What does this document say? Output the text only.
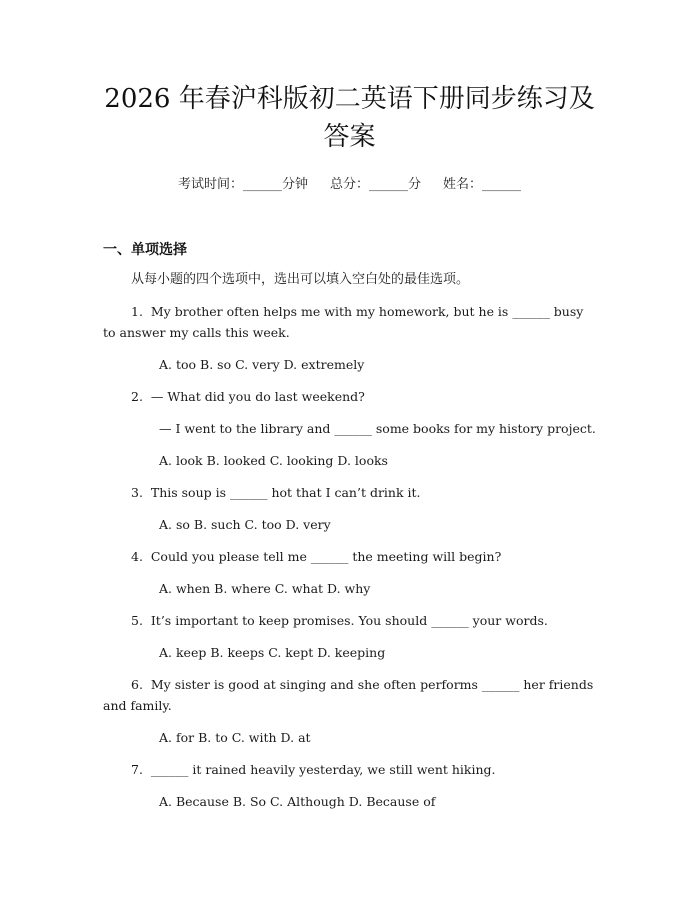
2026 年春沪科版初二英语下册同步练习及答案
考试时间：______分钟 总分：______分 姓名：______
一、单项选择
从每小题的四个选项中，选出可以填入空白处的最佳选项。

1.  My brother often helps me with my homework, but he is ______ busy to answer my calls this week.

A. too B. so C. very D. extremely

2.  — What did you do last weekend?

— I went to the library and ______ some books for my history project.

A. look B. looked C. looking D. looks

3.  This soup is ______ hot that I can’t drink it.

A. so B. such C. too D. very

4.  Could you please tell me ______ the meeting will begin?

A. when B. where C. what D. why

5.  It’s important to keep promises. You should ______ your words.

A. keep B. keeps C. kept D. keeping

6.  My sister is good at singing and she often performs ______ her friends and family.

A. for B. to C. with D. at

7.  ______ it rained heavily yesterday, we still went hiking.

A. Because B. So C. Although D. Because of
